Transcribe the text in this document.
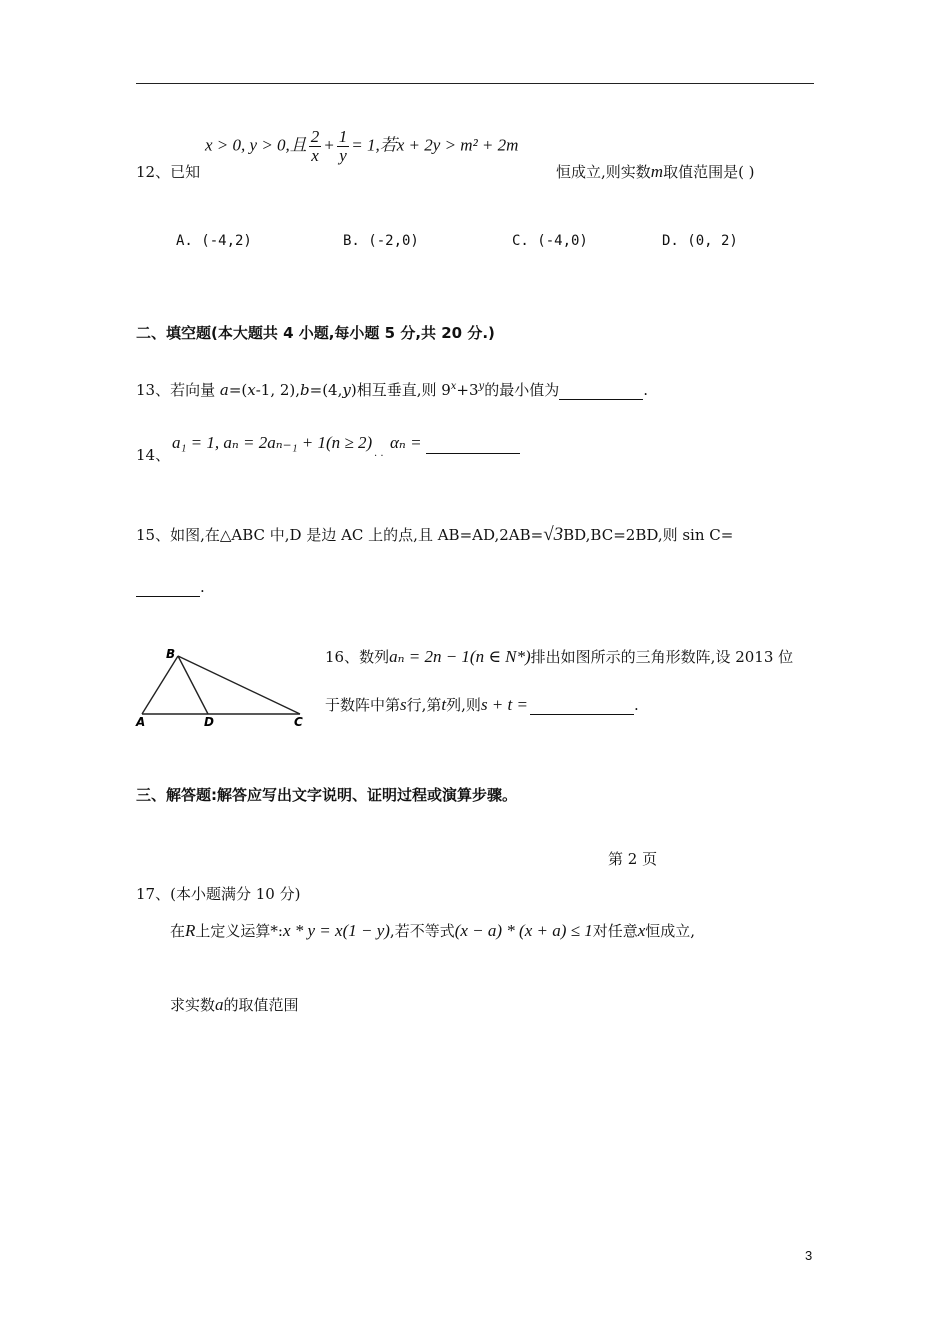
x > 0, y > 0,且 $\frac{2}{x} + \frac{1}{y} = 1$,若x + 2y > m² + 2m
12、已知	恒成立,则实数m取值范围是( )
A. (-4,2)	B. (-2,0)	C. (-4,0)	D. (0, 2)
二、填空题(本大题共 4 小题,每小题 5 分,共 20 分.)
13、若向量 a=(x-1, 2),b=(4,y)相互垂直,则 $9^x+3^y$的最小值为	.
14、
a₁ = 1, aₙ = 2aₙ₋₁ + 1(n ≥ 2)
. .
αₙ =
15、如图,在△ABC 中,D 是边 AC 上的点,且 AB=AD,2AB=√3BD,BC=2BD,则 sin C=
.
B
A	D	C
16、数列aₙ = 2n − 1(n ∈ N*)排出如图所示的三角形数阵,设 2013 位
于数阵中第s行,第t列,则s + t =	.
三、解答题:解答应写出文字说明、证明过程或演算步骤。
第 2 页
17、(本小题满分 10 分)
在R上定义运算*:x * y = x(1 − y),若不等式(x − a) * (x + a) ≤ 1对任意x恒成立,
求实数a的取值范围
3
